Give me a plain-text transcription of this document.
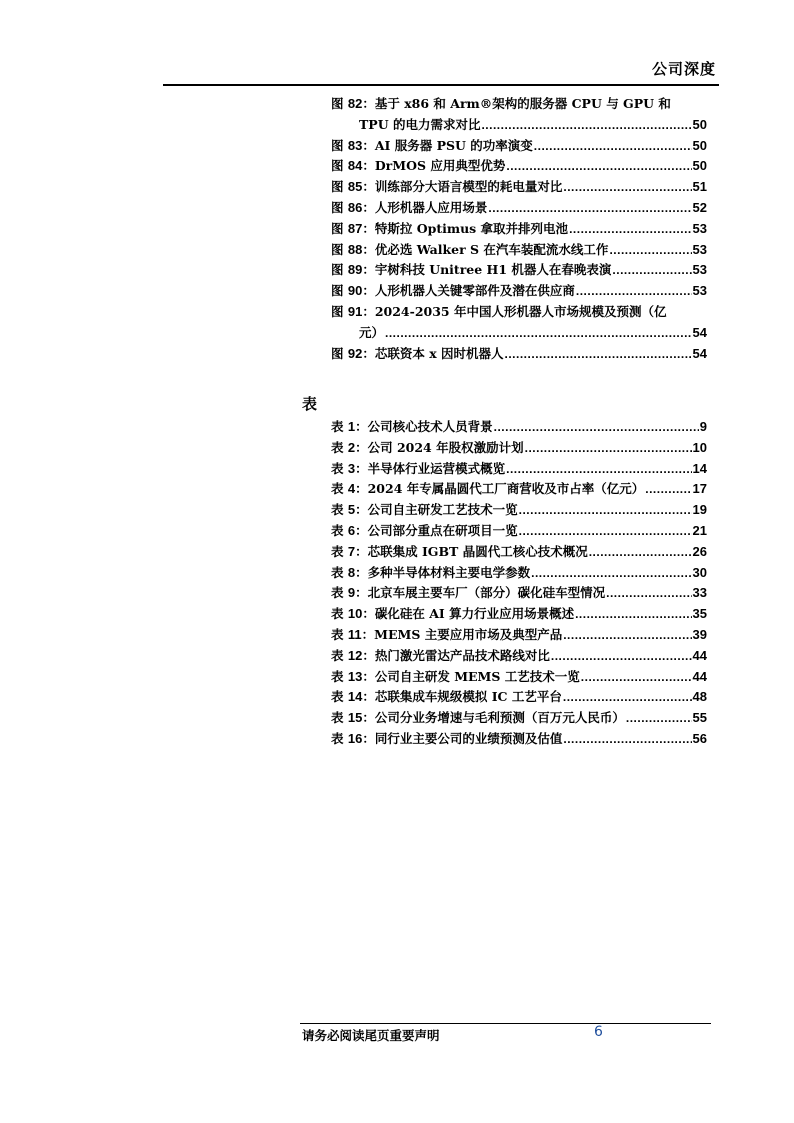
公司深度
图 82：基于 x86 和 Arm®架构的服务器 CPU 与 GPU 和
TPU 的电力需求对比 .....	50
图 83：AI 服务器 PSU 的功率演变 .....	50
图 84：DrMOS 应用典型优势 .....	50
图 85：训练部分大语言模型的耗电量对比 .....	51
图 86：人形机器人应用场景 .....	52
图 87：特斯拉 Optimus 拿取并排列电池 .....	53
图 88：优必选 Walker S 在汽车装配流水线工作 .....	53
图 89：宇树科技 Unitree H1 机器人在春晚表演 .....	53
图 90：人形机器人关键零部件及潜在供应商 .....	53
图 91：2024-2035 年中国人形机器人市场规模及预测（亿
元） .....	54
图 92：芯联资本 x 因时机器人 .....	54
表
表 1：公司核心技术人员背景 .....	9
表 2：公司 2024 年股权激励计划 .....	10
表 3：半导体行业运营模式概览 .....	14
表 4：2024 年专属晶圆代工厂商营收及市占率（亿元） .....	17
表 5：公司自主研发工艺技术一览 .....	19
表 6：公司部分重点在研项目一览 .....	21
表 7：芯联集成 IGBT 晶圆代工核心技术概况 .....	26
表 8：多种半导体材料主要电学参数 .....	30
表 9：北京车展主要车厂（部分）碳化硅车型情况 .....	33
表 10：碳化硅在 AI 算力行业应用场景概述 .....	35
表 11：MEMS 主要应用市场及典型产品 .....	39
表 12：热门激光雷达产品技术路线对比 .....	44
表 13：公司自主研发 MEMS 工艺技术一览 .....	44
表 14：芯联集成车规级模拟 IC 工艺平台 .....	48
表 15：公司分业务增速与毛利预测（百万元人民币） .....	55
表 16：同行业主要公司的业绩预测及估值 .....	56
请务必阅读尾页重要声明	6
